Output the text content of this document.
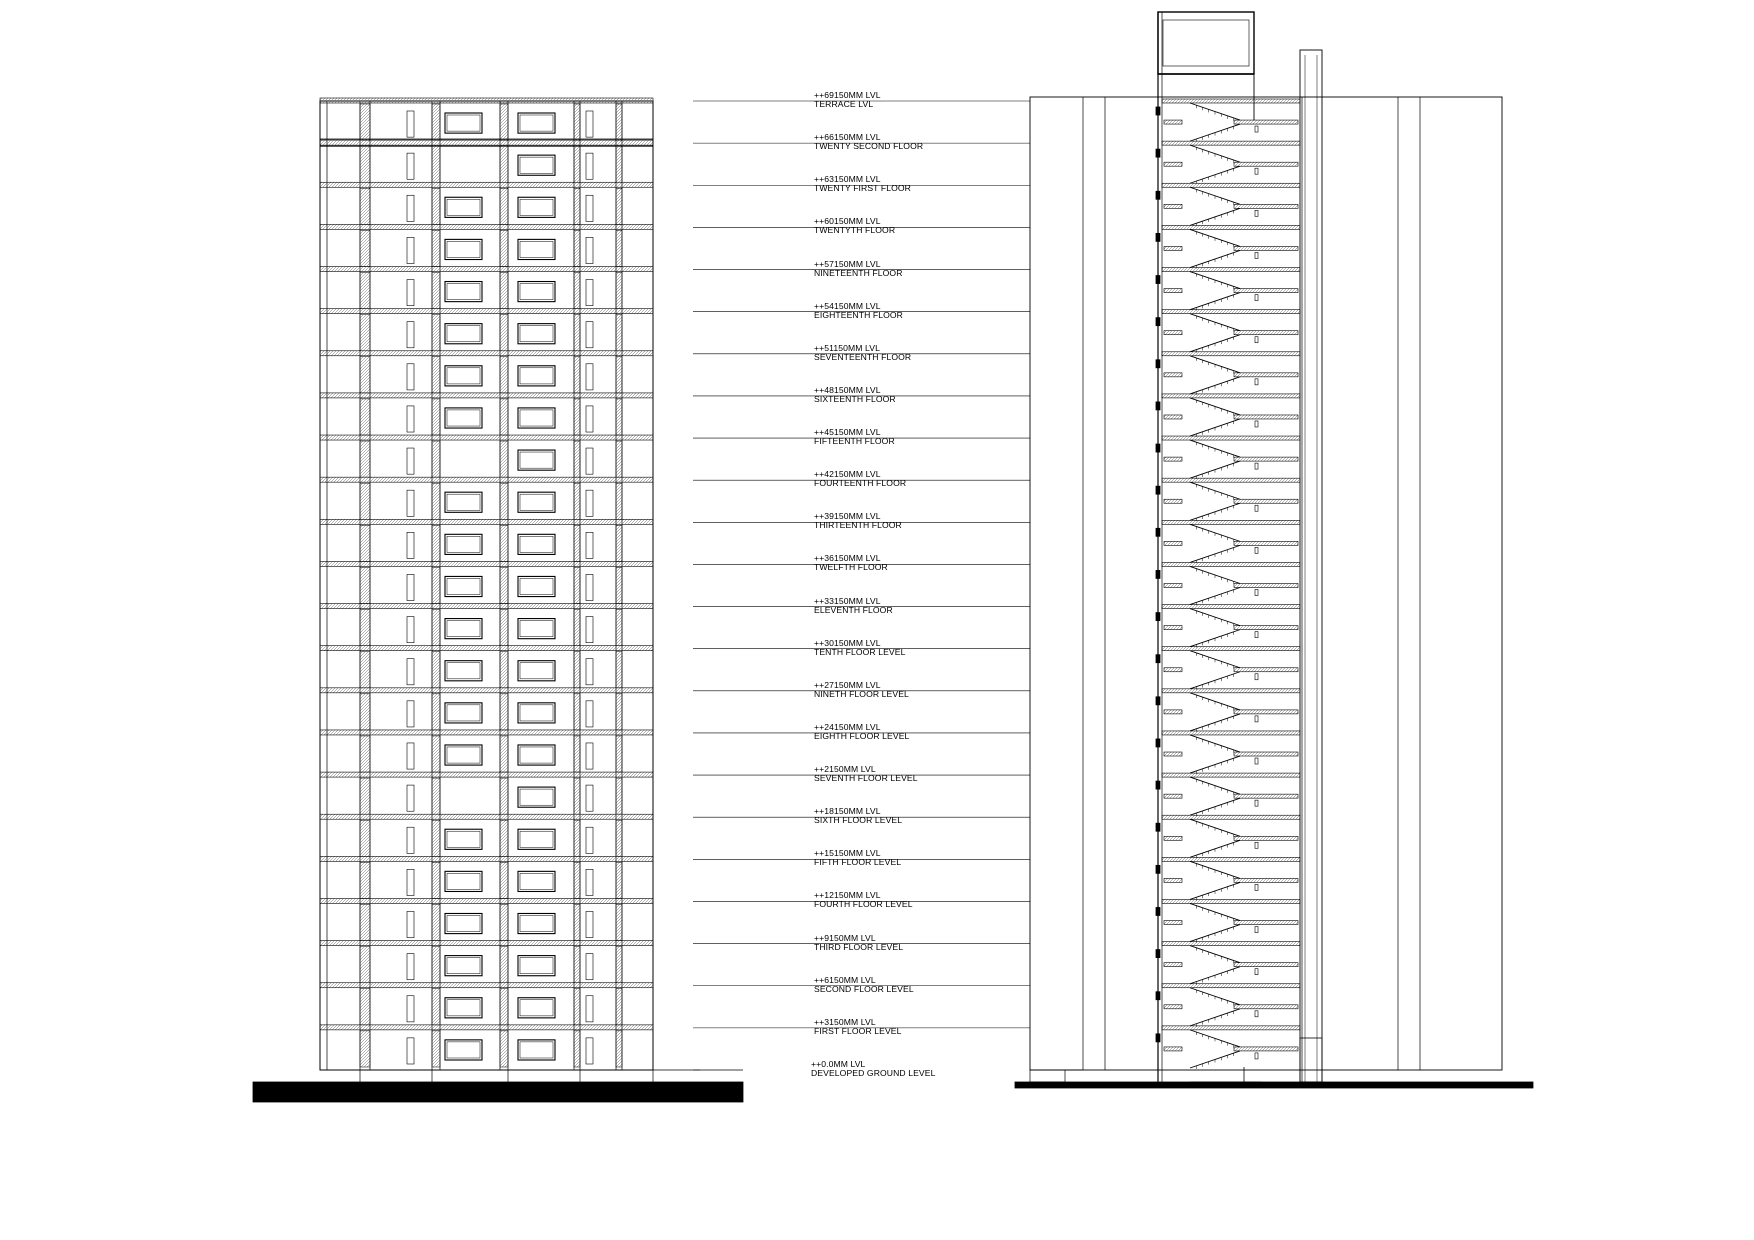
++69150MM LVL
TERRACE LVL
++66150MM LVL
TWENTY SECOND FLOOR
++63150MM LVL
TWENTY FIRST FLOOR
++60150MM LVL
TWENTYTH FLOOR
++57150MM LVL
NINETEENTH FLOOR
++54150MM LVL
EIGHTEENTH FLOOR
++51150MM LVL
SEVENTEENTH FLOOR
++48150MM LVL
SIXTEENTH FLOOR
++45150MM LVL
FIFTEENTH FLOOR
++42150MM LVL
FOURTEENTH FLOOR
++39150MM LVL
THIRTEENTH FLOOR
++36150MM LVL
TWELFTH FLOOR
++33150MM LVL
ELEVENTH FLOOR
++30150MM LVL
TENTH FLOOR LEVEL
++27150MM LVL
NINETH FLOOR LEVEL
++24150MM LVL
EIGHTH FLOOR LEVEL
++2150MM LVL
SEVENTH FLOOR LEVEL
++18150MM LVL
SIXTH FLOOR LEVEL
++15150MM LVL
FIFTH FLOOR LEVEL
++12150MM LVL
FOURTH FLOOR LEVEL
++9150MM LVL
THIRD FLOOR LEVEL
++6150MM LVL
SECOND FLOOR LEVEL
++3150MM LVL
FIRST FLOOR LEVEL
++0.0MM LVL
DEVELOPED GROUND LEVEL
